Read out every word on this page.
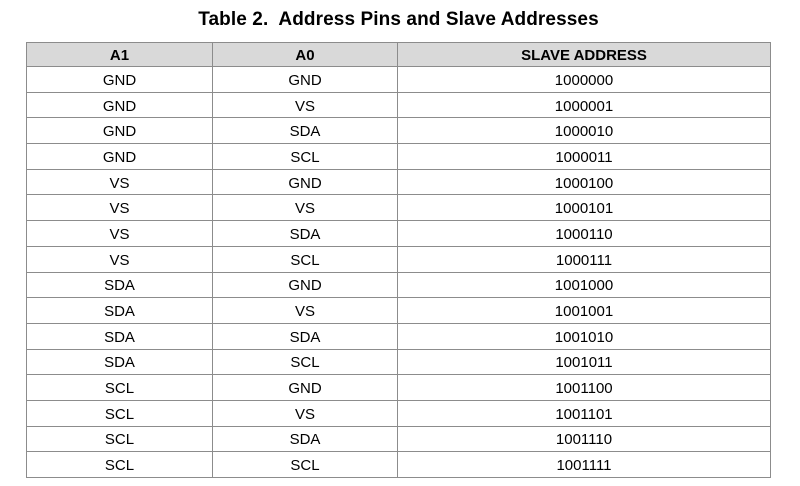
Table 2.  Address Pins and Slave Addresses
A1	A0	SLAVE ADDRESS
GND	GND	1000000
GND	VS	1000001
GND	SDA	1000010
GND	SCL	1000011
VS	GND	1000100
VS	VS	1000101
VS	SDA	1000110
VS	SCL	1000111
SDA	GND	1001000
SDA	VS	1001001
SDA	SDA	1001010
SDA	SCL	1001011
SCL	GND	1001100
SCL	VS	1001101
SCL	SDA	1001110
SCL	SCL	1001111
